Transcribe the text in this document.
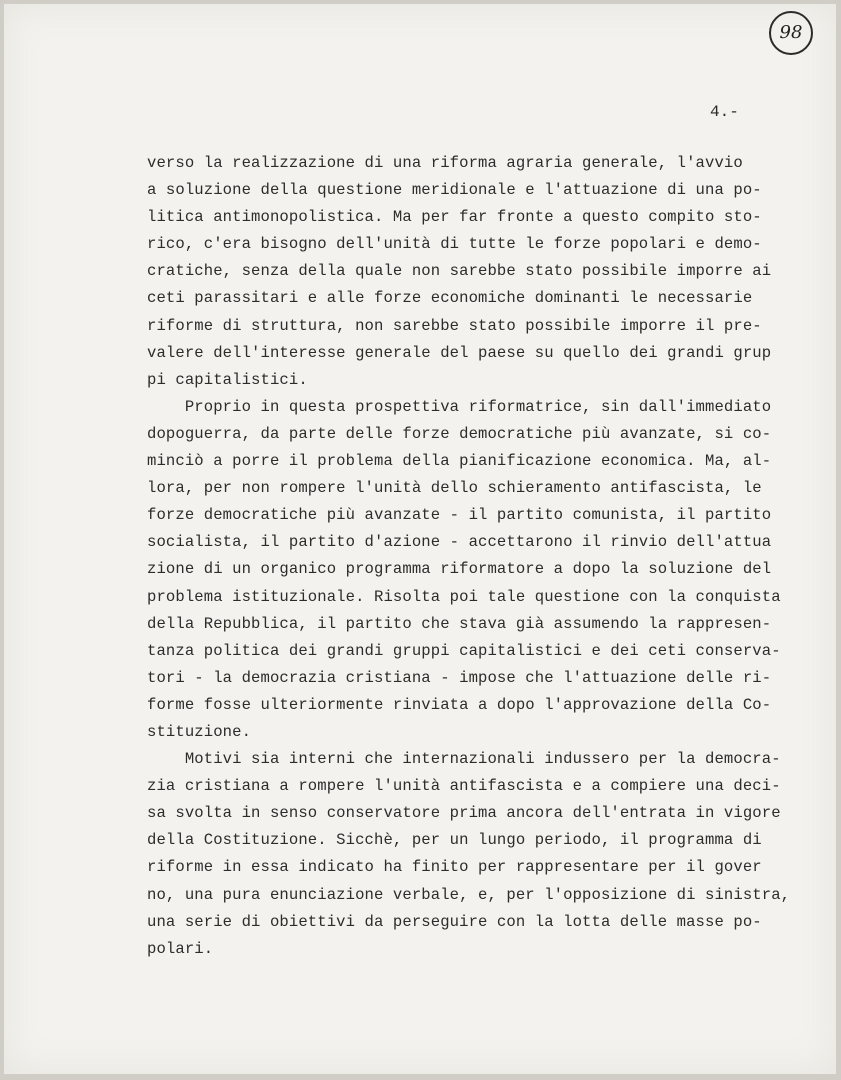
98
4.-
verso la realizzazione di una riforma agraria generale, l'avvio
a soluzione della questione meridionale e l'attuazione di una po-
litica antimonopolistica. Ma per far fronte a questo compito sto-
rico, c'era bisogno dell'unità di tutte le forze popolari e demo-
cratiche, senza della quale non sarebbe stato possibile imporre ai
ceti parassitari e alle forze economiche dominanti le necessarie
riforme di struttura, non sarebbe stato possibile imporre il pre-
valere dell'interesse generale del paese su quello dei grandi grup
pi capitalistici.
Proprio in questa prospettiva riformatrice, sin dall'immediato
dopoguerra, da parte delle forze democratiche più avanzate, si co-
minciò a porre il problema della pianificazione economica. Ma, al-
lora, per non rompere l'unità dello schieramento antifascista, le
forze democratiche più avanzate - il partito comunista, il partito
socialista, il partito d'azione - accettarono il rinvio dell'attua
zione di un organico programma riformatore a dopo la soluzione del
problema istituzionale. Risolta poi tale questione con la conquista
della Repubblica, il partito che stava già assumendo la rappresen-
tanza politica dei grandi gruppi capitalistici e dei ceti conserva-
tori - la democrazia cristiana - impose che l'attuazione delle ri-
forme fosse ulteriormente rinviata a dopo l'approvazione della Co-
stituzione.
Motivi sia interni che internazionali indussero per la democra-
zia cristiana a rompere l'unità antifascista e a compiere una deci-
sa svolta in senso conservatore prima ancora dell'entrata in vigore
della Costituzione. Sicchè, per un lungo periodo, il programma di
riforme in essa indicato ha finito per rappresentare per il gover
no, una pura enunciazione verbale, e, per l'opposizione di sinistra,
una serie di obiettivi da perseguire con la lotta delle masse po-
polari.
